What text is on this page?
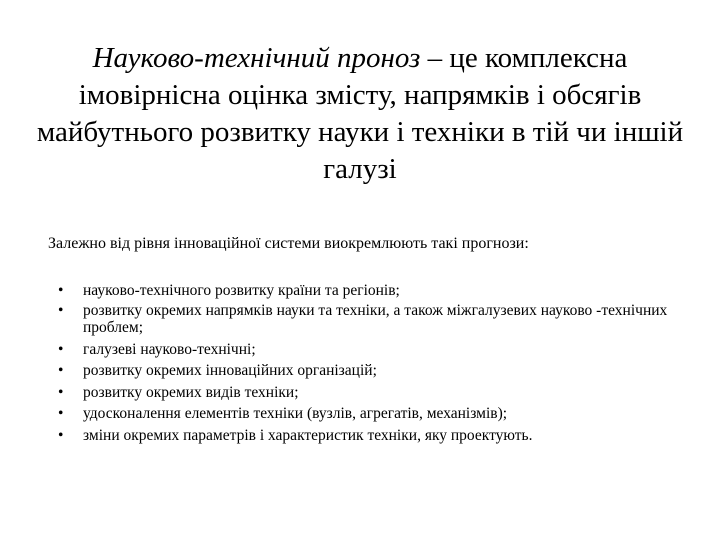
Науково-технічний проноз – це комплексна імовірнісна оцінка змісту, напрямків і обсягів майбутнього розвитку науки і техніки в тій чи іншій галузі
Залежно від рівня інноваційної системи виокремлюють такі прогнози:
• науково-технічного розвитку країни та регіонів;
• розвитку окремих напрямків науки та техніки, а також міжгалузевих науково -технічних проблем;
• галузеві науково-технічні;
• розвитку окремих інноваційних організацій;
• розвитку окремих видів техніки;
• удосконалення елементів техніки (вузлів, агрегатів, механізмів);
• зміни окремих параметрів і характеристик техніки, яку проектують.
